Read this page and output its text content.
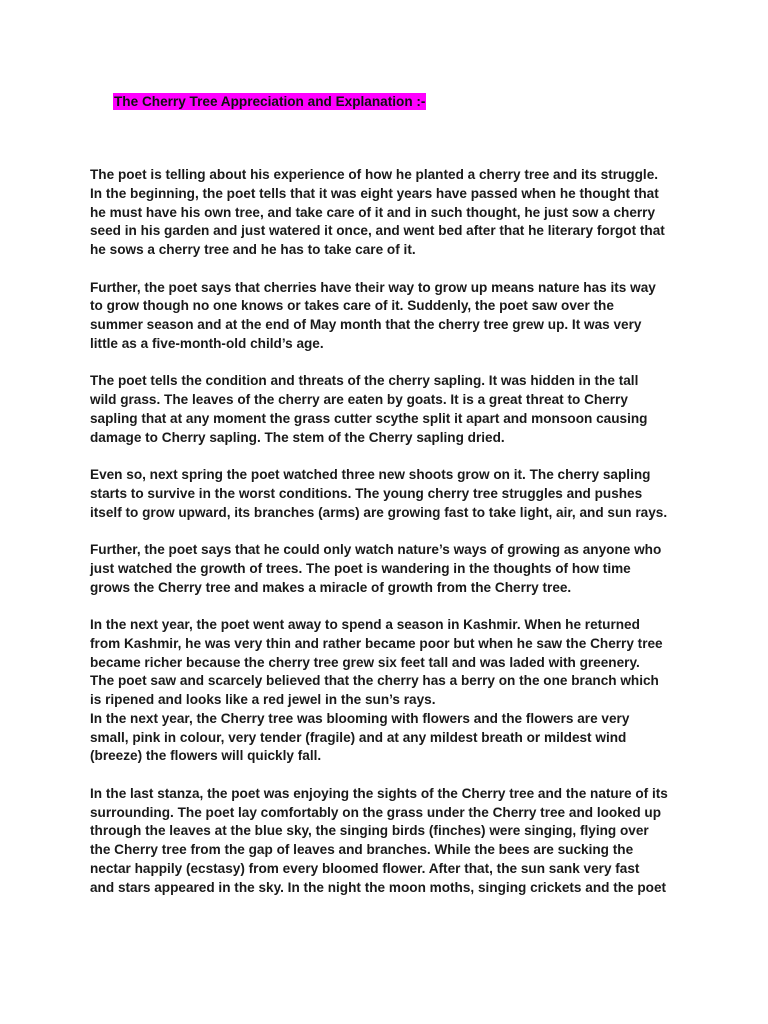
The Cherry Tree Appreciation and Explanation :-

The poet is telling about his experience of how he planted a cherry tree and its struggle.
In the beginning, the poet tells that it was eight years have passed when he thought that
he must have his own tree, and take care of it and in such thought, he just sow a cherry
seed in his garden and just watered it once, and went bed after that he literary forgot that
he sows a cherry tree and he has to take care of it.

Further, the poet says that cherries have their way to grow up means nature has its way
to grow though no one knows or takes care of it. Suddenly, the poet saw over the
summer season and at the end of May month that the cherry tree grew up. It was very
little as a five-month-old child’s age.

The poet tells the condition and threats of the cherry sapling. It was hidden in the tall
wild grass. The leaves of the cherry are eaten by goats. It is a great threat to Cherry
sapling that at any moment the grass cutter scythe split it apart and monsoon causing
damage to Cherry sapling. The stem of the Cherry sapling dried.

Even so, next spring the poet watched three new shoots grow on it. The cherry sapling
starts to survive in the worst conditions. The young cherry tree struggles and pushes
itself to grow upward, its branches (arms) are growing fast to take light, air, and sun rays.

Further, the poet says that he could only watch nature’s ways of growing as anyone who
just watched the growth of trees. The poet is wandering in the thoughts of how time
grows the Cherry tree and makes a miracle of growth from the Cherry tree.

In the next year, the poet went away to spend a season in Kashmir. When he returned
from Kashmir, he was very thin and rather became poor but when he saw the Cherry tree
became richer because the cherry tree grew six feet tall and was laded with greenery.
The poet saw and scarcely believed that the cherry has a berry on the one branch which
is ripened and looks like a red jewel in the sun’s rays.

In the next year, the Cherry tree was blooming with flowers and the flowers are very
small, pink in colour, very tender (fragile) and at any mildest breath or mildest wind
(breeze) the flowers will quickly fall.

In the last stanza, the poet was enjoying the sights of the Cherry tree and the nature of its
surrounding. The poet lay comfortably on the grass under the Cherry tree and looked up
through the leaves at the blue sky, the singing birds (finches) were singing, flying over
the Cherry tree from the gap of leaves and branches. While the bees are sucking the
nectar happily (ecstasy) from every bloomed flower. After that, the sun sank very fast
and stars appeared in the sky. In the night the moon moths, singing crickets and the poet
